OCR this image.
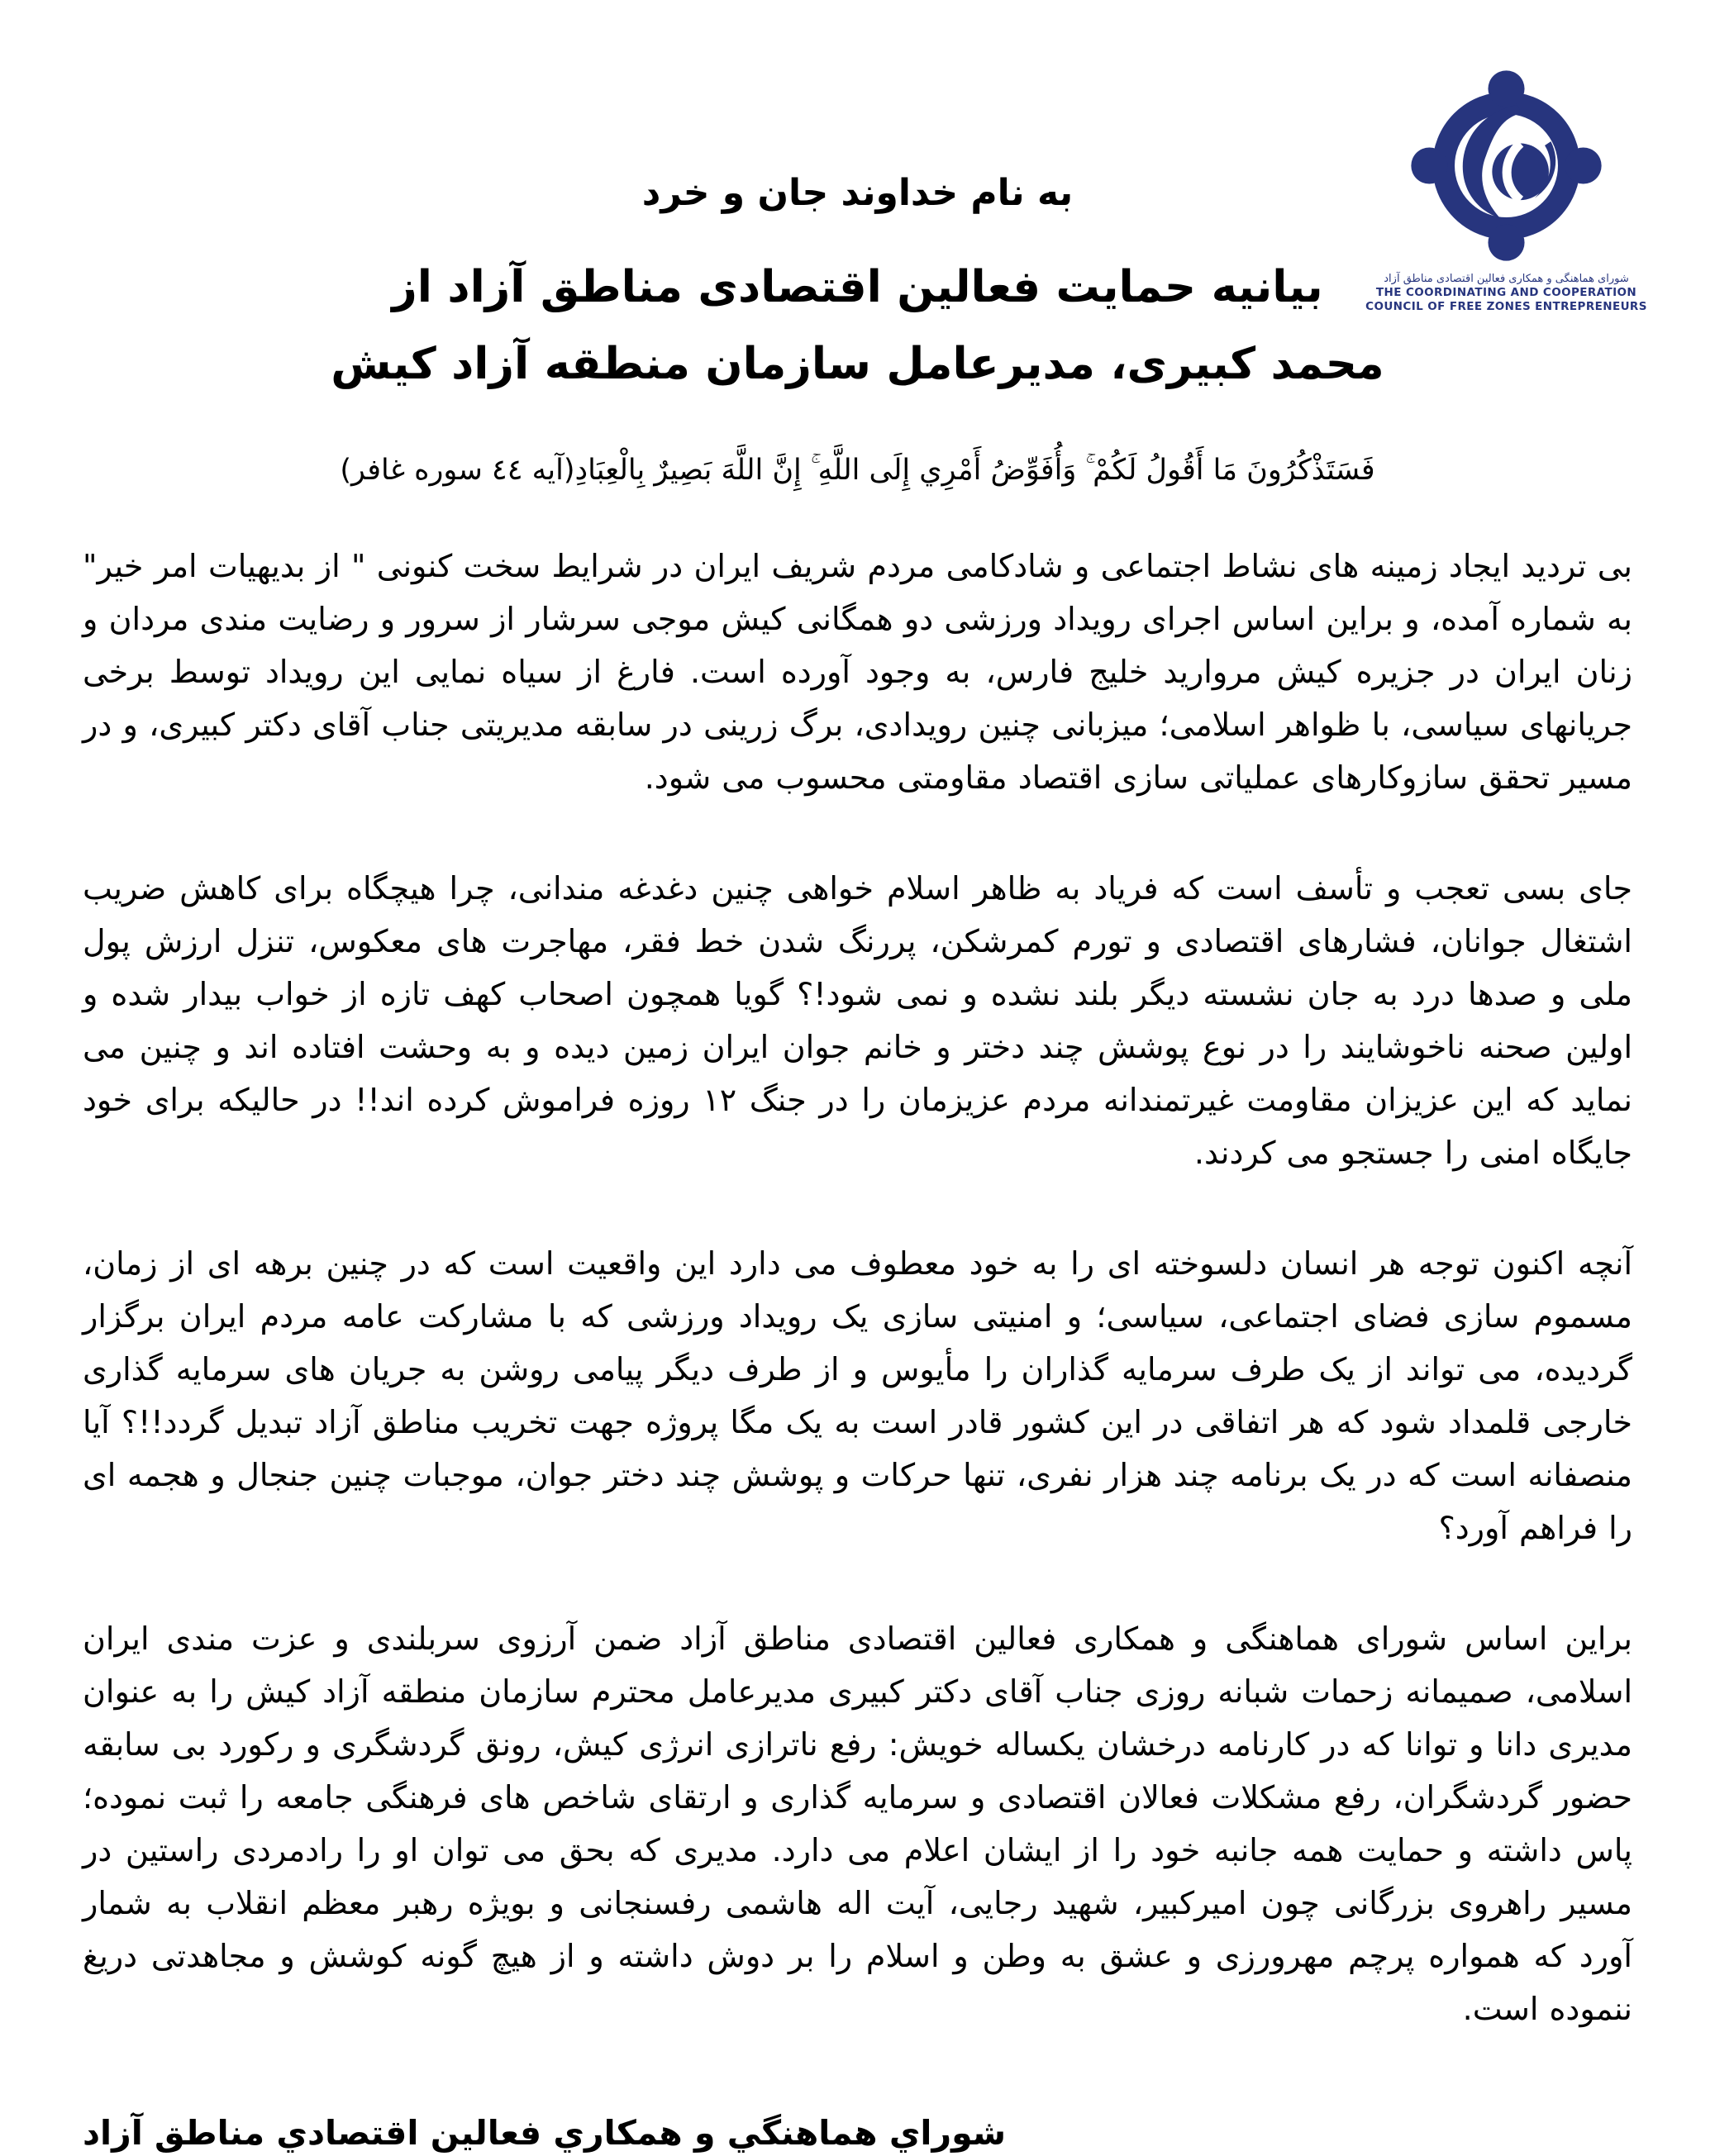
شورای هماهنگی و همکاری فعالین اقتصادی مناطق آزاد
THE COORDINATING AND COOPERATION
COUNCIL OF FREE ZONES ENTREPRENEURS
به نام خداوند جان و خرد
بیانیه حمایت فعالین اقتصادی مناطق آزاد از
محمد کبیری، مدیرعامل سازمان منطقه آزاد کیش
فَسَتَذْكُرُونَ مَا أَقُولُ لَكُمْ ۚ وَأُفَوِّضُ أَمْرِي إِلَى اللَّهِ ۚ إِنَّ اللَّهَ بَصِيرٌ بِالْعِبَادِ(آیه ٤٤ سوره غافر)

بی تردید ایجاد زمینه های نشاط اجتماعی و شادکامی مردم شریف ایران در شرایط سخت کنونی " از بدیهیات امر خیر" به شماره آمده، و براین اساس اجرای رویداد ورزشی دو همگانی کیش موجی سرشار از سرور و رضایت مندی مردان و زنان ایران در جزیره کیش مروارید خلیج فارس، به وجود آورده است. فارغ از سیاه نمایی این رویداد توسط برخی جریانهای سیاسی، با ظواهر اسلامی؛ میزبانی چنین رویدادی، برگ زرینی در سابقه مدیریتی جناب آقای دکتر کبیری، و در مسیر تحقق سازوکارهای عملیاتی سازی اقتصاد مقاومتی محسوب می شود.

جای بسی تعجب و تأسف است که فریاد به ظاهر اسلام خواهی چنین دغدغه مندانی، چرا هیچگاه برای کاهش ضریب اشتغال جوانان، فشارهای اقتصادی و تورم کمرشکن، پررنگ شدن خط فقر، مهاجرت های معکوس، تنزل ارزش پول ملی و صدها درد به جان نشسته دیگر بلند نشده و نمی شود!؟ گویا همچون اصحاب کهف تازه از خواب بیدار شده و اولین صحنه ناخوشایند را در نوع پوشش چند دختر و خانم جوان ایران زمین دیده و به وحشت افتاده اند و چنین می نماید که این عزیزان مقاومت غیرتمندانه مردم عزیزمان را در جنگ ۱۲ روزه فراموش کرده اند!! در حالیکه برای خود جایگاه امنی را جستجو می کردند.

آنچه اکنون توجه هر انسان دلسوخته ای را به خود معطوف می دارد این واقعیت است که در چنین برهه ای از زمان، مسموم سازی فضای اجتماعی، سیاسی؛ و امنیتی سازی یک رویداد ورزشی که با مشارکت عامه مردم ایران برگزار گردیده، می تواند از یک طرف سرمایه گذاران را مأیوس و از طرف دیگر پیامی روشن به جریان های سرمایه گذاری خارجی قلمداد شود که هر اتفاقی در این کشور قادر است به یک مگا پروژه جهت تخریب مناطق آزاد تبدیل گردد!!؟ آیا منصفانه است که در یک برنامه چند هزار نفری، تنها حرکات و پوشش چند دختر جوان، موجبات چنین جنجال و هجمه ای را فراهم آورد؟

براین اساس شورای هماهنگی و همکاری فعالین اقتصادی مناطق آزاد ضمن آرزوی سربلندی و عزت مندی ایران اسلامی، صمیمانه زحمات شبانه روزی جناب آقای دکتر کبیری مدیرعامل محترم سازمان منطقه آزاد کیش را به عنوان مدیری دانا و توانا که در کارنامه درخشان یکساله خویش: رفع ناترازی انرژی کیش، رونق گردشگری و رکورد بی سابقه حضور گردشگران، رفع مشکلات فعالان اقتصادی و سرمایه گذاری و ارتقای شاخص های فرهنگی جامعه را ثبت نموده؛ پاس داشته و حمایت همه جانبه خود را از ایشان اعلام می دارد. مدیری که بحق می توان او را رادمردی راستین در مسیر راهروی بزرگانی چون امیرکبیر، شهید رجایی، آیت اله هاشمی رفسنجانی و بویژه رهبر معظم انقلاب به شمار آورد که همواره پرچم مهرورزی و عشق به وطن و اسلام را بر دوش داشته و از هیچ گونه کوشش و مجاهدتی دریغ ننموده است.

شوراي هماهنگي و همكاري فعالين اقتصادي مناطق آزاد
